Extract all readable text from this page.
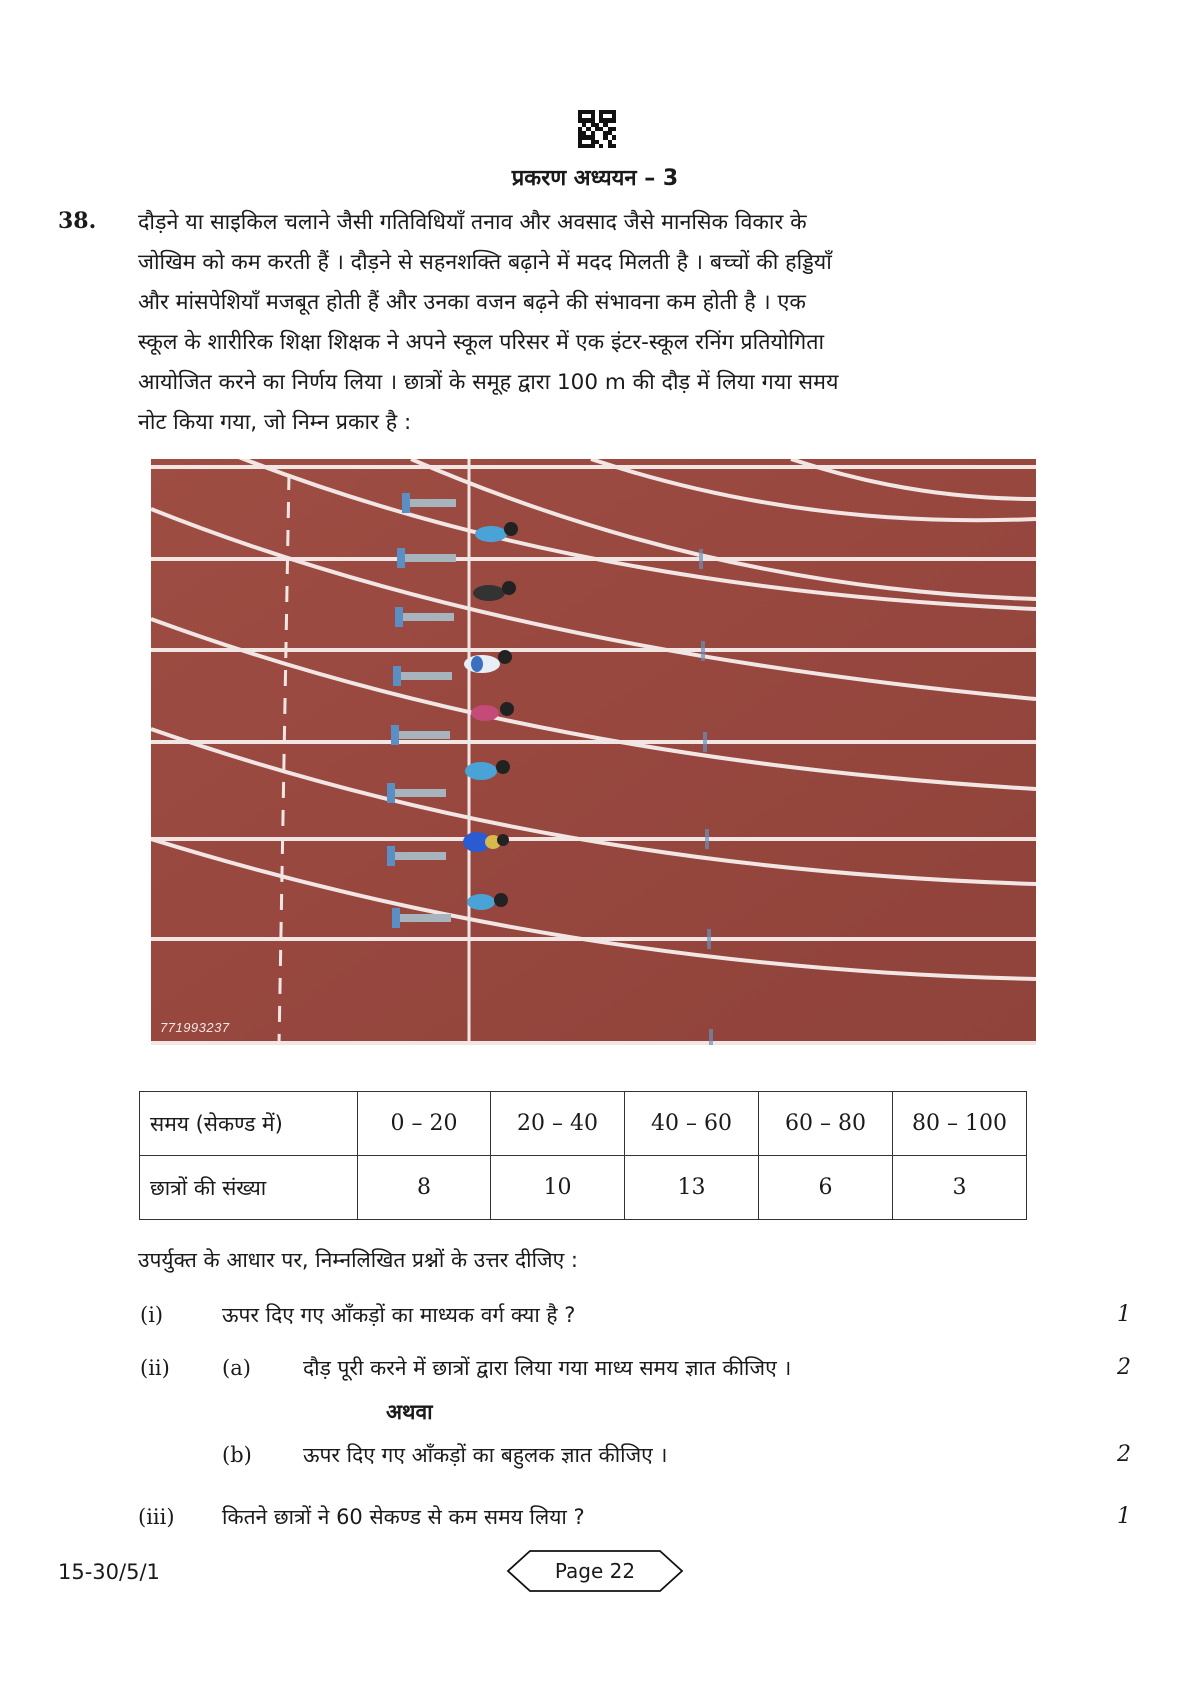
प्रकरण अध्ययन – 3
38. दौड़ने या साइकिल चलाने जैसी गतिविधियाँ तनाव और अवसाद जैसे मानसिक विकार के
जोखिम को कम करती हैं । दौड़ने से सहनशक्ति बढ़ाने में मदद मिलती है । बच्चों की हड्डियाँ
और मांसपेशियाँ मजबूत होती हैं और उनका वजन बढ़ने की संभावना कम होती है । एक
स्कूल के शारीरिक शिक्षा शिक्षक ने अपने स्कूल परिसर में एक इंटर-स्कूल रनिंग प्रतियोगिता
आयोजित करने का निर्णय लिया । छात्रों के समूह द्वारा 100 m की दौड़ में लिया गया समय
नोट किया गया, जो निम्न प्रकार है :
771993237
समय (सेकण्ड में)	0 – 20	20 – 40	40 – 60	60 – 80	80 – 100
छात्रों की संख्या	8	10	13	6	3
उपर्युक्त के आधार पर, निम्नलिखित प्रश्नों के उत्तर दीजिए :
(i)	ऊपर दिए गए आँकड़ों का माध्यक वर्ग क्या है ?	1
(ii) (a) दौड़ पूरी करने में छात्रों द्वारा लिया गया माध्य समय ज्ञात कीजिए ।	2
अथवा
(b) ऊपर दिए गए आँकड़ों का बहुलक ज्ञात कीजिए ।	2
(iii) कितने छात्रों ने 60 सेकण्ड से कम समय लिया ?	1
15-30/5/1	Page 22
